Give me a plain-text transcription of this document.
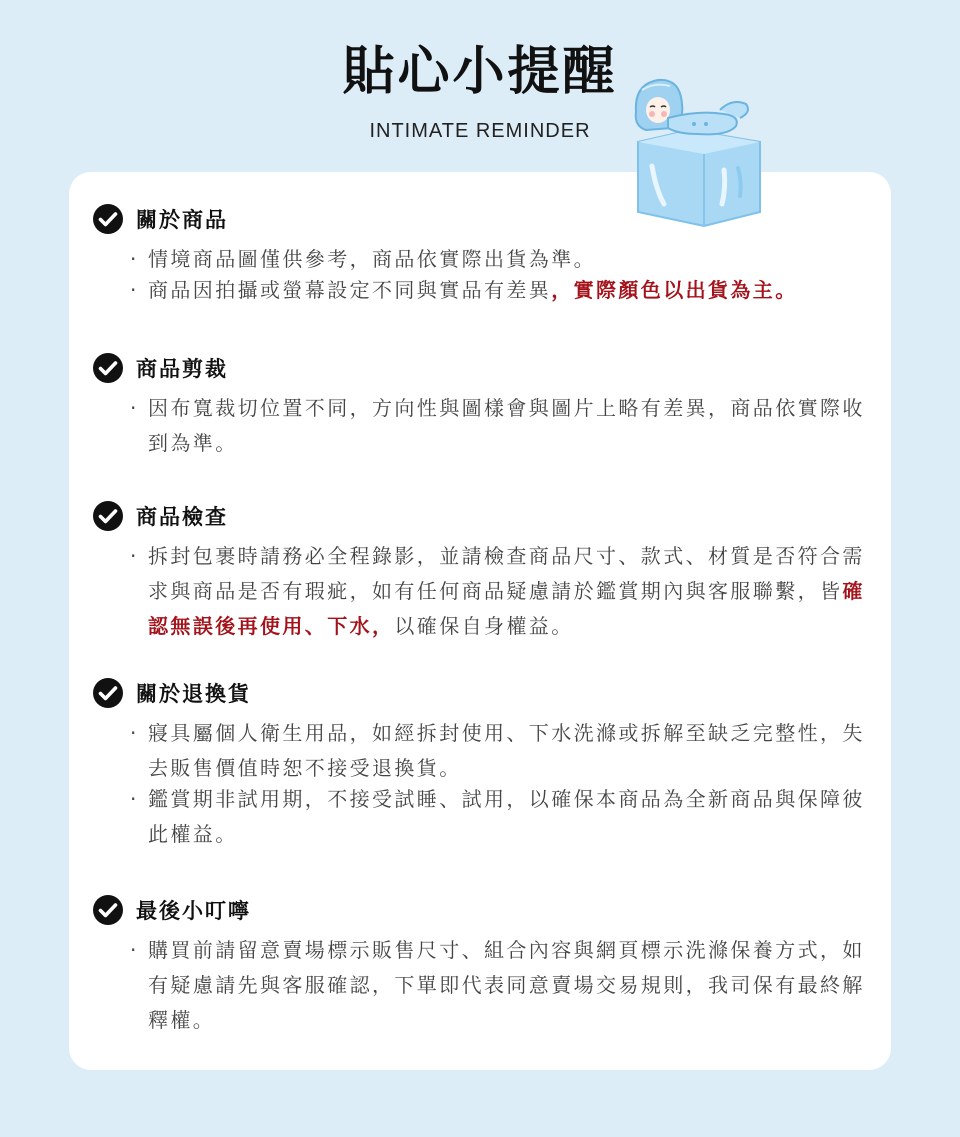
貼心小提醒
INTIMATE REMINDER
關於商品
· 情境商品圖僅供參考，商品依實際出貨為準。
· 商品因拍攝或螢幕設定不同與實品有差異，實際顏色以出貨為主。
商品剪裁
· 因布寬裁切位置不同，方向性與圖樣會與圖片上略有差異，商品依實際收到為準。
商品檢查
· 拆封包裹時請務必全程錄影，並請檢查商品尺寸、款式、材質是否符合需求與商品是否有瑕疵，如有任何商品疑慮請於鑑賞期內與客服聯繫，皆確認無誤後再使用、下水，以確保自身權益。
關於退換貨
· 寢具屬個人衛生用品，如經拆封使用、下水洗滌或拆解至缺乏完整性，失去販售價值時恕不接受退換貨。
· 鑑賞期非試用期，不接受試睡、試用，以確保本商品為全新商品與保障彼此權益。
最後小叮嚀
· 購買前請留意賣場標示販售尺寸、組合內容與網頁標示洗滌保養方式，如有疑慮請先與客服確認，下單即代表同意賣場交易規則，我司保有最終解釋權。
